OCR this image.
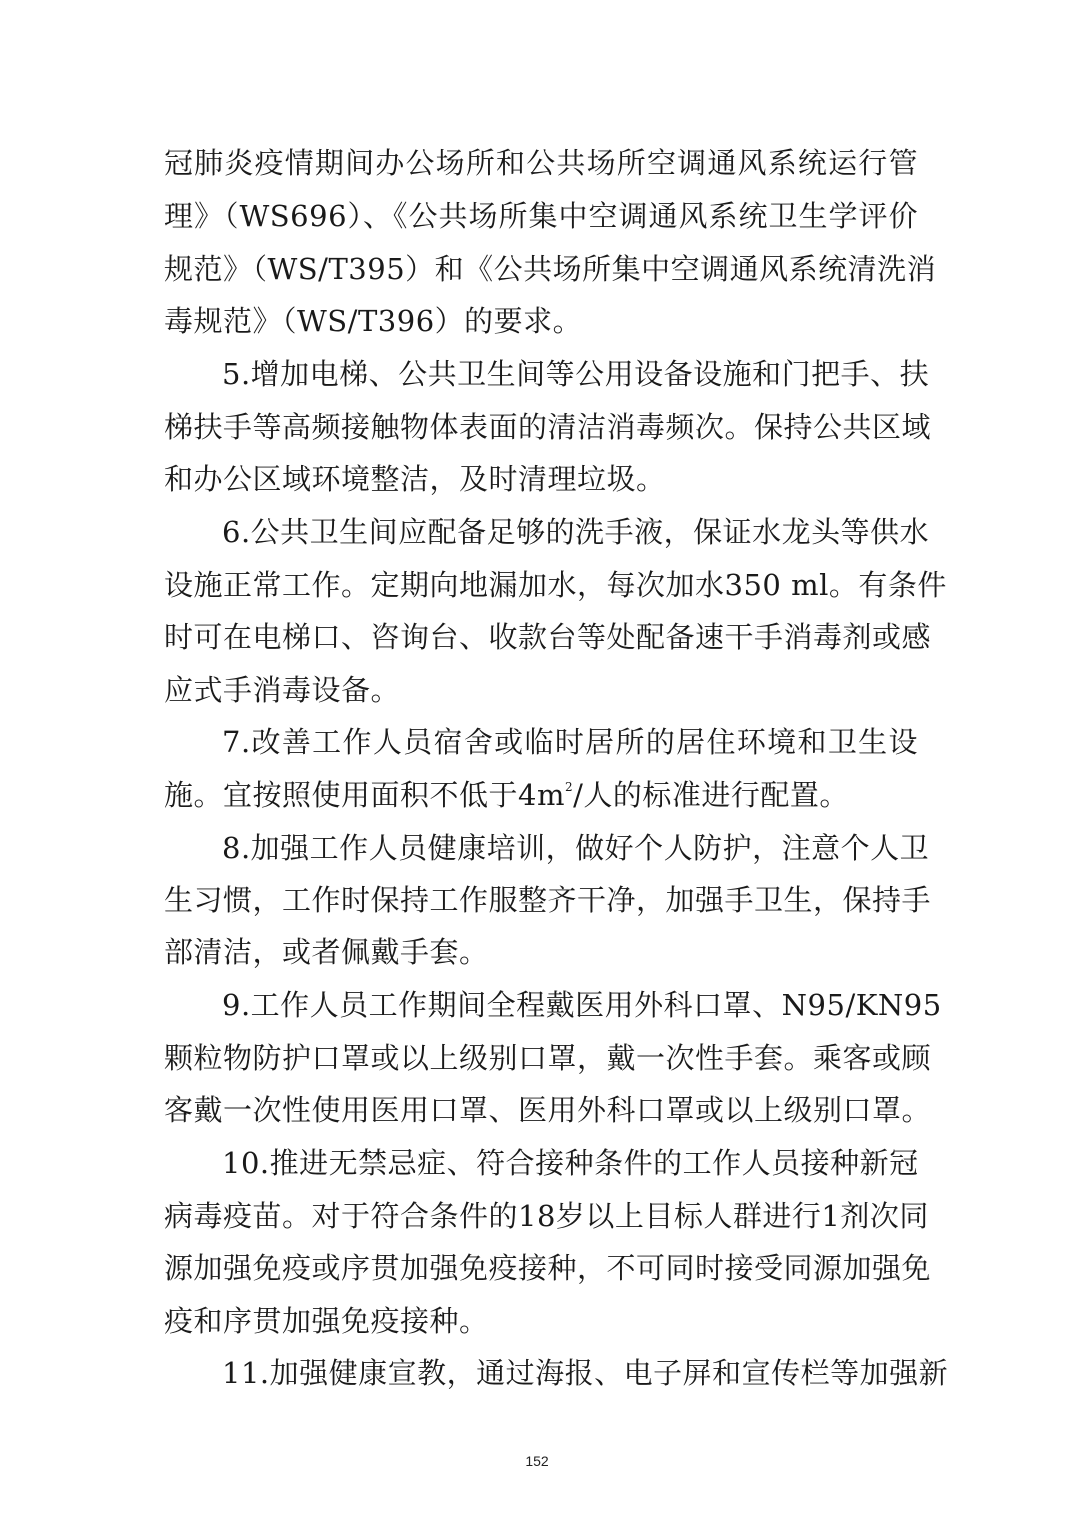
冠肺炎疫情期间办公场所和公共场所空调通风系统运行管
理》（WS696）、《公共场所集中空调通风系统卫生学评价
规范》（WS/T395）和《公共场所集中空调通风系统清洗消
毒规范》（WS/T396）的要求。
5.增加电梯、公共卫生间等公用设备设施和门把手、扶
梯扶手等高频接触物体表面的清洁消毒频次。保持公共区域
和办公区域环境整洁，及时清理垃圾。
6.公共卫生间应配备足够的洗手液，保证水龙头等供水
设施正常工作。定期向地漏加水，每次加水350 ml。有条件
时可在电梯口、咨询台、收款台等处配备速干手消毒剂或感
应式手消毒设备。
7.改善工作人员宿舍或临时居所的居住环境和卫生设
施。宜按照使用面积不低于$4m^2/$人的标准进行配置。
8.加强工作人员健康培训，做好个人防护，注意个人卫
生习惯，工作时保持工作服整齐干净，加强手卫生，保持手
部清洁，或者佩戴手套。
9.工作人员工作期间全程戴医用外科口罩、N95/KN95
颗粒物防护口罩或以上级别口罩，戴一次性手套。乘客或顾
客戴一次性使用医用口罩、医用外科口罩或以上级别口罩。
10.推进无禁忌症、符合接种条件的工作人员接种新冠
病毒疫苗。对于符合条件的18岁以上目标人群进行1剂次同
源加强免疫或序贯加强免疫接种，不可同时接受同源加强免
疫和序贯加强免疫接种。
11.加强健康宣教，通过海报、电子屏和宣传栏等加强新
152
